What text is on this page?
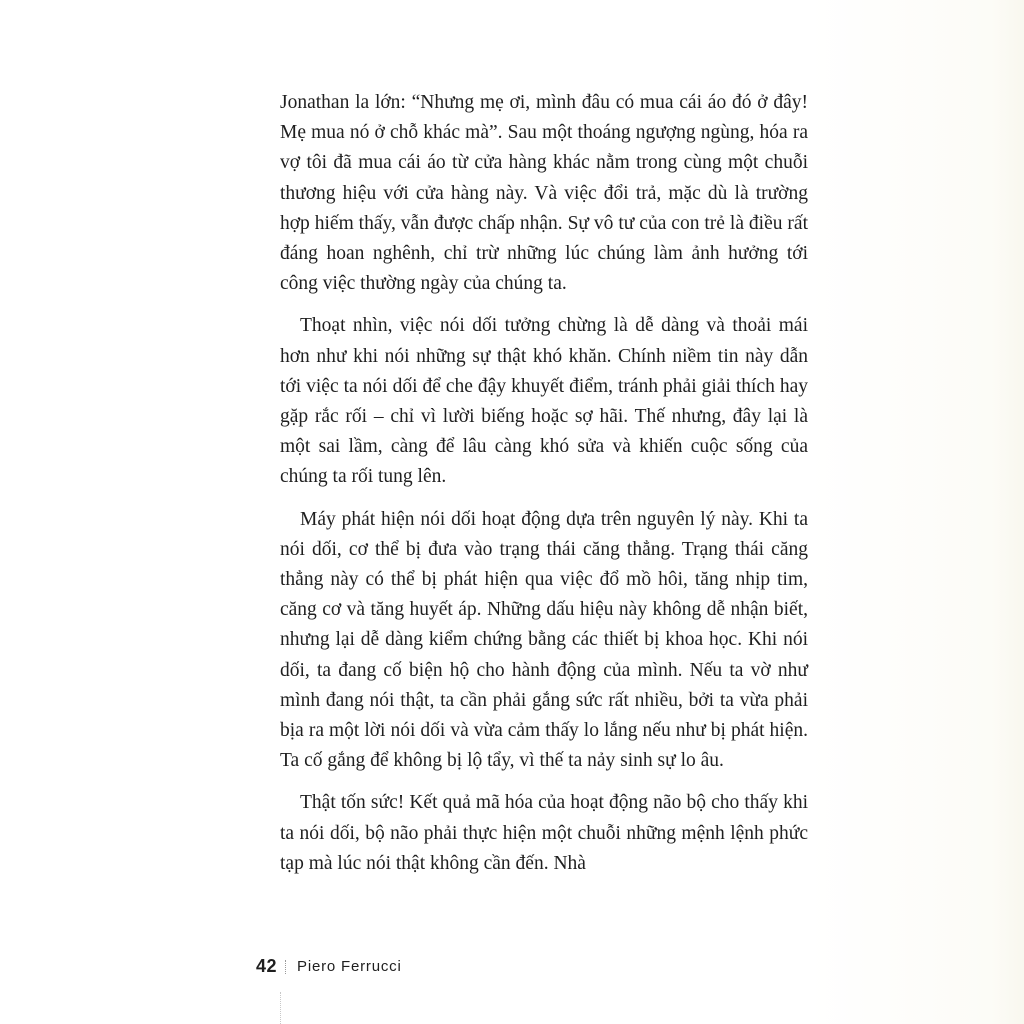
Jonathan la lớn: “Nhưng mẹ ơi, mình đâu có mua cái áo đó ở đây! Mẹ mua nó ở chỗ khác mà”. Sau một thoáng ngượng ngùng, hóa ra vợ tôi đã mua cái áo từ cửa hàng khác nằm trong cùng một chuỗi thương hiệu với cửa hàng này. Và việc đổi trả, mặc dù là trường hợp hiếm thấy, vẫn được chấp nhận. Sự vô tư của con trẻ là điều rất đáng hoan nghênh, chỉ trừ những lúc chúng làm ảnh hưởng tới công việc thường ngày của chúng ta.

Thoạt nhìn, việc nói dối tưởng chừng là dễ dàng và thoải mái hơn như khi nói những sự thật khó khăn. Chính niềm tin này dẫn tới việc ta nói dối để che đậy khuyết điểm, tránh phải giải thích hay gặp rắc rối – chỉ vì lười biếng hoặc sợ hãi. Thế nhưng, đây lại là một sai lầm, càng để lâu càng khó sửa và khiến cuộc sống của chúng ta rối tung lên.

Máy phát hiện nói dối hoạt động dựa trên nguyên lý này. Khi ta nói dối, cơ thể bị đưa vào trạng thái căng thẳng. Trạng thái căng thẳng này có thể bị phát hiện qua việc đổ mồ hôi, tăng nhịp tim, căng cơ và tăng huyết áp. Những dấu hiệu này không dễ nhận biết, nhưng lại dễ dàng kiểm chứng bằng các thiết bị khoa học. Khi nói dối, ta đang cố biện hộ cho hành động của mình. Nếu ta vờ như mình đang nói thật, ta cần phải gắng sức rất nhiều, bởi ta vừa phải bịa ra một lời nói dối và vừa cảm thấy lo lắng nếu như bị phát hiện. Ta cố gắng để không bị lộ tẩy, vì thế ta nảy sinh sự lo âu.

Thật tốn sức! Kết quả mã hóa của hoạt động não bộ cho thấy khi ta nói dối, bộ não phải thực hiện một chuỗi những mệnh lệnh phức tạp mà lúc nói thật không cần đến. Nhà

42 Piero Ferrucci
